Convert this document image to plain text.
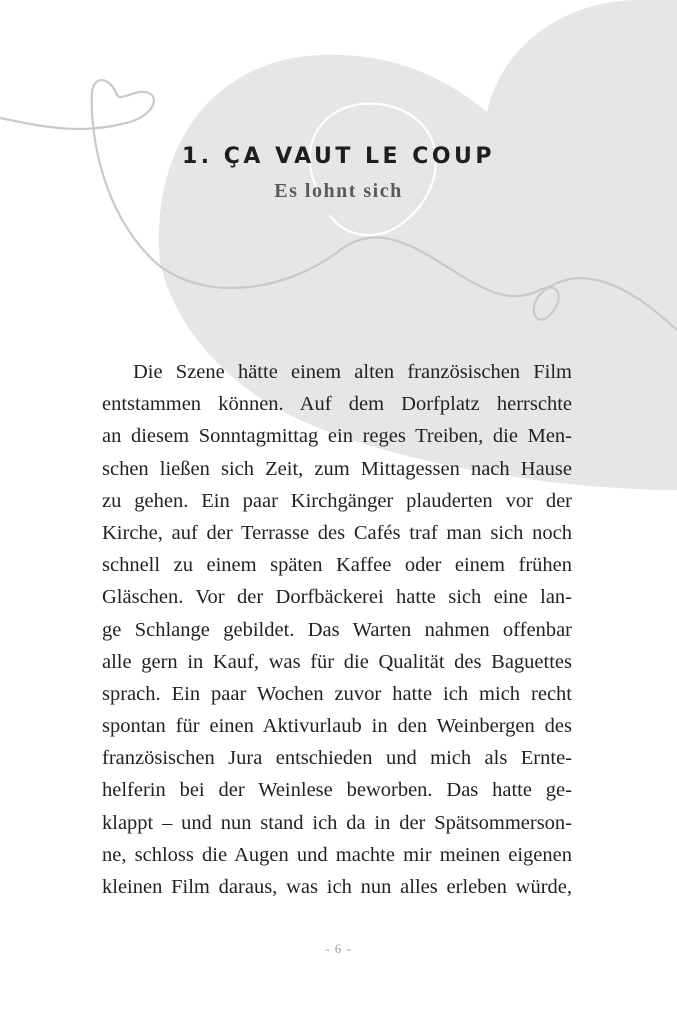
1. ÇA VAUT LE COUP
Es lohnt sich
Die Szene hätte einem alten französischen Film
entstammen können. Auf dem Dorfplatz herrschte
an diesem Sonntagmittag ein reges Treiben, die Men-
schen ließen sich Zeit, zum Mittagessen nach Hause
zu gehen. Ein paar Kirchgänger plauderten vor der
Kirche, auf der Terrasse des Cafés traf man sich noch
schnell zu einem späten Kaffee oder einem frühen
Gläschen. Vor der Dorfbäckerei hatte sich eine lan-
ge Schlange gebildet. Das Warten nahmen offenbar
alle gern in Kauf, was für die Qualität des Baguettes
sprach. Ein paar Wochen zuvor hatte ich mich recht
spontan für einen Aktivurlaub in den Weinbergen des
französischen Jura entschieden und mich als Ernte-
helferin bei der Weinlese beworben. Das hatte ge-
klappt – und nun stand ich da in der Spätsommerson-
ne, schloss die Augen und machte mir meinen eigenen
kleinen Film daraus, was ich nun alles erleben würde,
- 6 -
